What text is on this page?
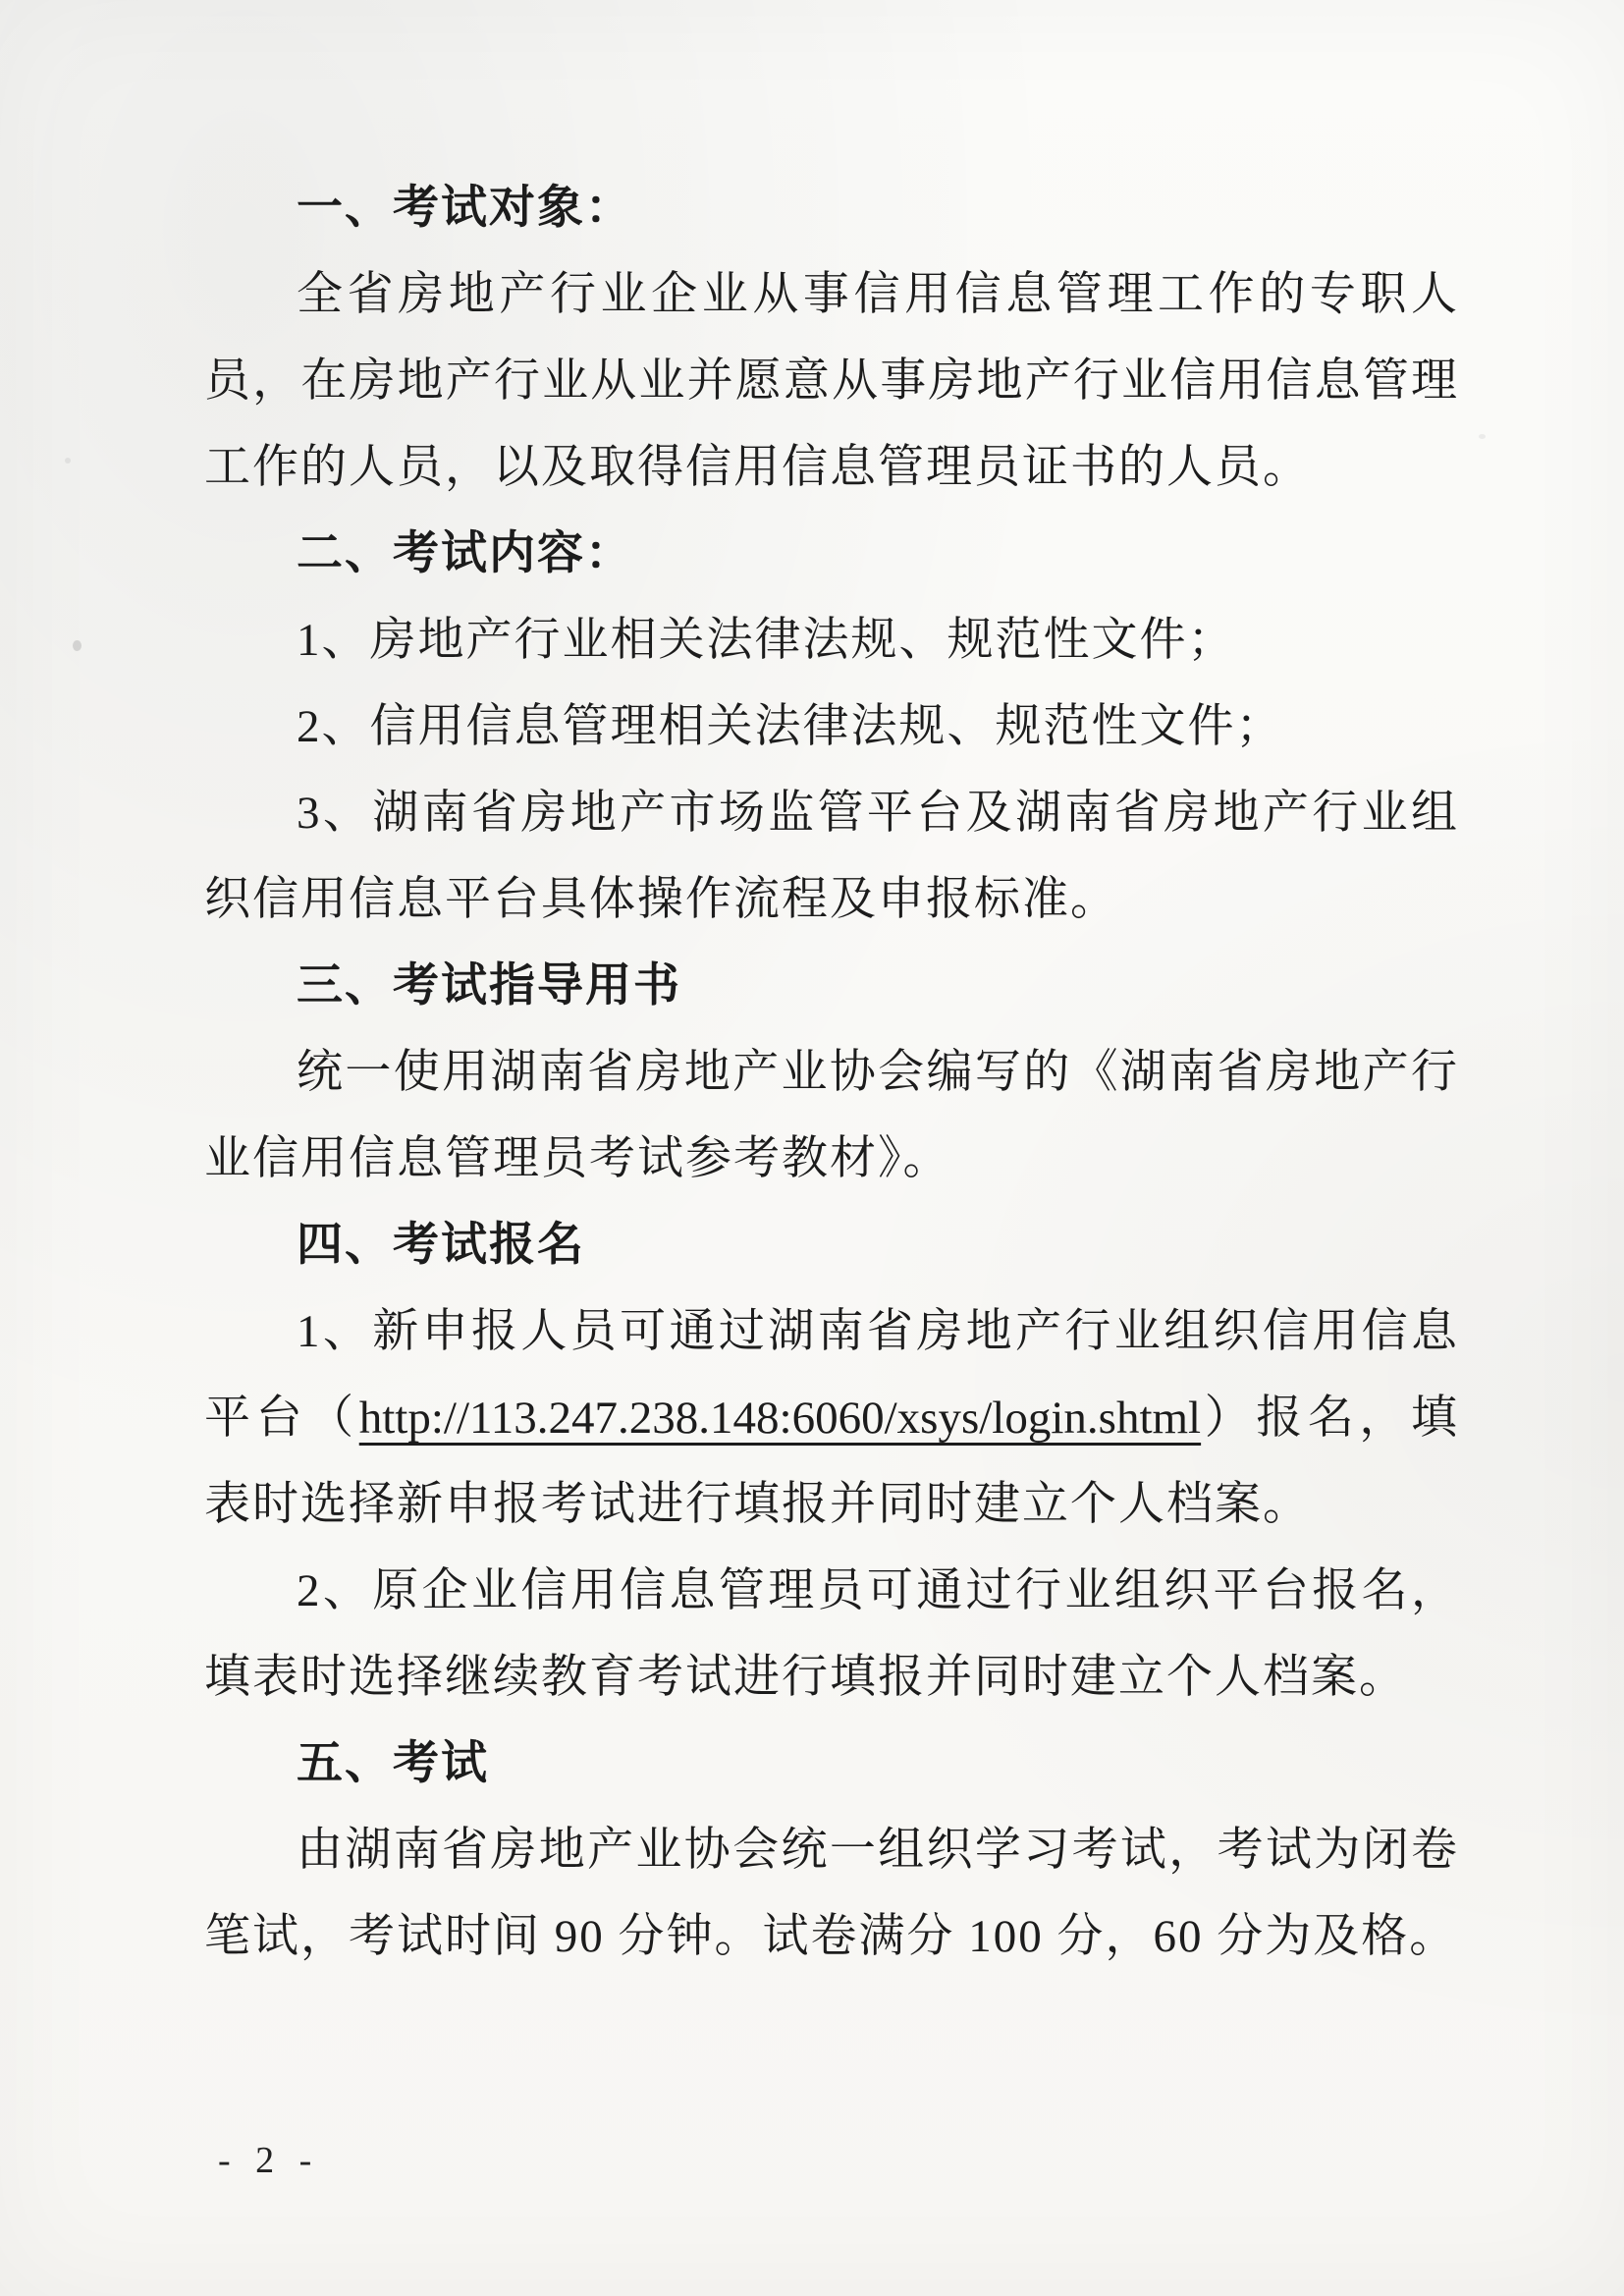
一、考试对象：

全省房地产行业企业从事信用信息管理工作的专职人员，在房地产行业从业并愿意从事房地产行业信用信息管理工作的人员，以及取得信用信息管理员证书的人员。

二、考试内容：

1、房地产行业相关法律法规、规范性文件；

2、信用信息管理相关法律法规、规范性文件；

3、湖南省房地产市场监管平台及湖南省房地产行业组织信用信息平台具体操作流程及申报标准。

三、考试指导用书

统一使用湖南省房地产业协会编写的《湖南省房地产行业信用信息管理员考试参考教材》。

四、考试报名

1、新申报人员可通过湖南省房地产行业组织信用信息平台（http://113.247.238.148:6060/xsys/login.shtml）报名，填表时选择新申报考试进行填报并同时建立个人档案。

2、原企业信用信息管理员可通过行业组织平台报名，填表时选择继续教育考试进行填报并同时建立个人档案。

五、考试

由湖南省房地产业协会统一组织学习考试，考试为闭卷笔试，考试时间 90 分钟。试卷满分 100 分，60 分为及格。

- 2 -
